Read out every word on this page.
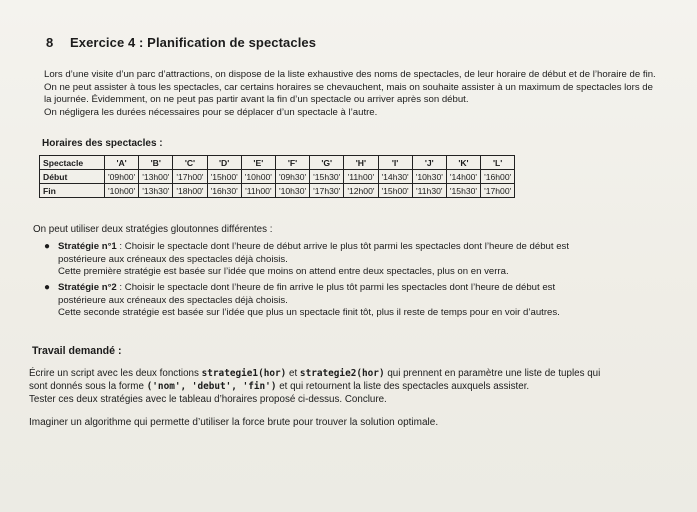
8 Exercice 4 : Planification de spectacles

Lors d’une visite d’un parc d’attractions, on dispose de la liste exhaustive des noms de spectacles, de leur horaire de début et de l’horaire de fin. On ne peut assister à tous les spectacles, car certains horaires se chevauchent, mais on souhaite assister à un maximum de spectacles lors de la journée. Évidemment, on ne peut pas partir avant la fin d’un spectacle ou arriver après son début.

On négligera les durées nécessaires pour se déplacer d’un spectacle à l’autre.

Horaires des spectacles :
Spectacle	'A'	'B'	'C'	'D'	'E'	'F'	'G'	'H'	'I'	'J'	'K'	'L'
Début	'09h00'	'13h00'	'17h00'	'15h00'	'10h00'	'09h30'	'15h30'	'11h00'	'14h30'	'10h30'	'14h00'	'16h00'
Fin	'10h00'	'13h30'	'18h00'	'16h30'	'11h00'	'10h30'	'17h30'	'12h00'	'15h00'	'11h30'	'15h30'	'17h00'
On peut utiliser deux stratégies gloutonnes différentes :
● Stratégie n°1 : Choisir le spectacle dont l’heure de début arrive le plus tôt parmi les spectacles dont l’heure de début est
postérieure aux créneaux des spectacles déjà choisis.
Cette première stratégie est basée sur l’idée que moins on attend entre deux spectacles, plus on en verra.
● Stratégie n°2 : Choisir le spectacle dont l’heure de fin arrive le plus tôt parmi les spectacles dont l’heure de début est
postérieure aux créneaux des spectacles déjà choisis.
Cette seconde stratégie est basée sur l’idée que plus un spectacle finit tôt, plus il reste de temps pour en voir d’autres.
Travail demandé :

Écrire un script avec les deux fonctions strategie1(hor) et strategie2(hor) qui prennent en paramètre une liste de tuples qui

sont donnés sous la forme ('nom', 'debut', 'fin') et qui retournent la liste des spectacles auxquels assister.

Tester ces deux stratégies avec le tableau d’horaires proposé ci-dessus. Conclure.

Imaginer un algorithme qui permette d’utiliser la force brute pour trouver la solution optimale.
